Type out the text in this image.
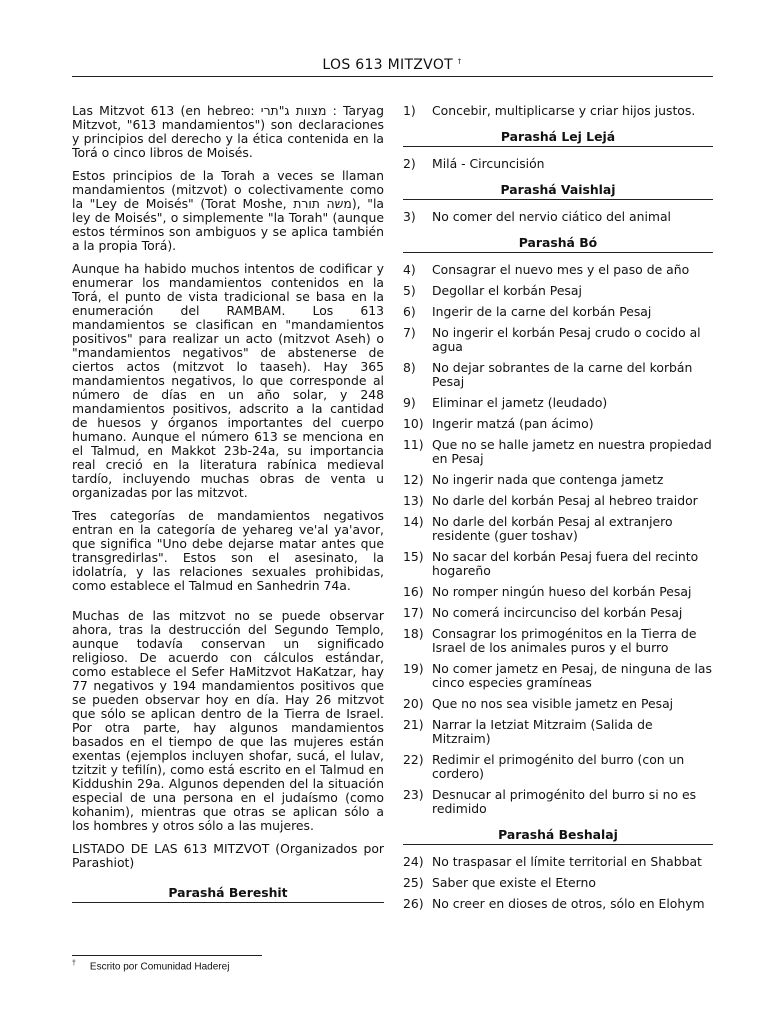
LOS 613 MITZVOT †

Las Mitzvot 613 (en hebreo: מצוות ג"תרי : Taryag Mitzvot, "613 mandamientos") son declaraciones y principios del derecho y la ética contenida en la Torá o cinco libros de Moisés.

Estos principios de la Torah a veces se llaman mandamientos (mitzvot) o colectivamente como la "Ley de Moisés" (Torat Moshe, משה תורת), "la ley de Moisés", o simplemente "la Torah" (aunque estos términos son ambiguos y se aplica también a la propia Torá).

Aunque ha habido muchos intentos de codificar y enumerar los mandamientos contenidos en la Torá, el punto de vista tradicional se basa en la enumeración del RAMBAM. Los 613 mandamientos se clasifican en "mandamientos positivos" para realizar un acto (mitzvot Aseh) o "mandamientos negativos" de abstenerse de ciertos actos (mitzvot lo taaseh). Hay 365 mandamientos negativos, lo que corresponde al número de días en un año solar, y 248 mandamientos positivos, adscrito a la cantidad de huesos y órganos importantes del cuerpo humano. Aunque el número 613 se menciona en el Talmud, en Makkot 23b-24a, su importancia real creció en la literatura rabínica medieval tardío, incluyendo muchas obras de venta u organizadas por las mitzvot.

Tres categorías de mandamientos negativos entran en la categoría de yehareg ve'al ya'avor, que significa "Uno debe dejarse matar antes que transgredirlas". Estos son el asesinato, la idolatría, y las relaciones sexuales prohibidas, como establece el Talmud en Sanhedrin 74a.

Muchas de las mitzvot no se puede observar ahora, tras la destrucción del Segundo Templo, aunque todavía conservan un significado religioso. De acuerdo con cálculos estándar, como establece el Sefer HaMitzvot HaKatzar, hay 77 negativos y 194 mandamientos positivos que se pueden observar hoy en día. Hay 26 mitzvot que sólo se aplican dentro de la Tierra de Israel. Por otra parte, hay algunos mandamientos basados en el tiempo de que las mujeres están exentas (ejemplos incluyen shofar, sucá, el lulav, tzitzit y tefilín), como está escrito en el Talmud en Kiddushin 29a. Algunos dependen del la situación especial de una persona en el judaísmo (como kohanim), mientras que otras se aplican sólo a los hombres y otros sólo a las mujeres.

LISTADO DE LAS 613 MITZVOT (Organizados por Parashiot)

Parashá Bereshit
1)	Concebir, multiplicarse y criar hijos justos.
Parashá Lej Lejá
2)	Milá - Circuncisión
Parashá Vaishlaj
3)	No comer del nervio ciático del animal
Parashá Bó
4)	Consagrar el nuevo mes y el paso de año
5)	Degollar el korbán Pesaj
6)	Ingerir de la carne del korbán Pesaj
7)	No ingerir el korbán Pesaj crudo o cocido al agua
8)	No dejar sobrantes de la carne del korbán Pesaj
9)	Eliminar el jametz (leudado)
10) Ingerir matzá (pan ácimo)
11) Que no se halle jametz en nuestra propiedad en Pesaj
12) No ingerir nada que contenga jametz
13) No darle del korbán Pesaj al hebreo traidor
14) No darle del korbán Pesaj al extranjero residente (guer toshav)
15) No sacar del korbán Pesaj fuera del recinto hogareño
16) No romper ningún hueso del korbán Pesaj
17) No comerá incircunciso del korbán Pesaj
18) Consagrar los primogénitos en la Tierra de Israel de los animales puros y el burro
19) No comer jametz en Pesaj, de ninguna de las cinco especies gramíneas
20) Que no nos sea visible jametz en Pesaj
21) Narrar la Ietziat Mitzraim (Salida de Mitzraim)
22) Redimir el primogénito del burro (con un cordero)
23) Desnucar al primogénito del burro si no es redimido
Parashá Beshalaj
24) No traspasar el límite territorial en Shabbat
25) Saber que existe el Eterno
26) No creer en dioses de otros, sólo en Elohym
† Escrito por Comunidad Haderej
